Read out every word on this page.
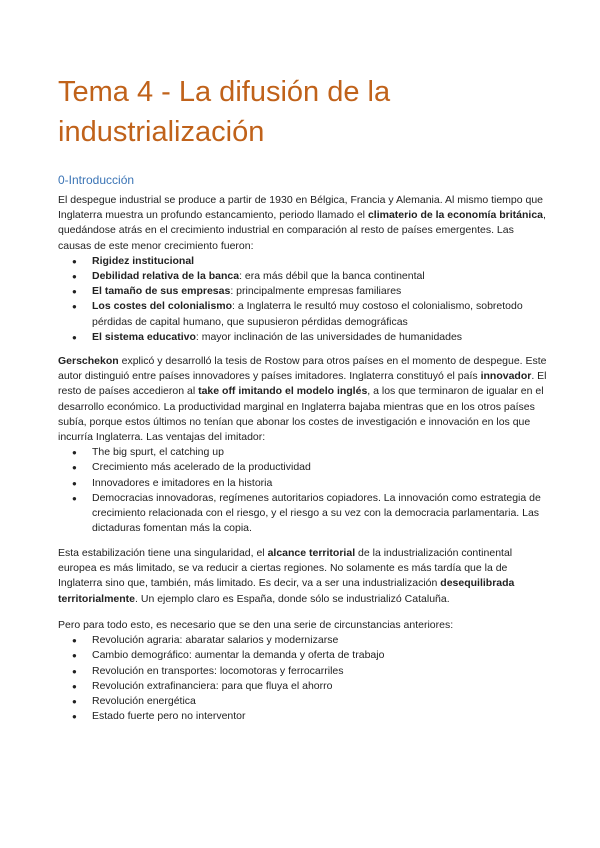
Tema 4 - La difusión de la industrialización
0-Introducción

El despegue industrial se produce a partir de 1930 en Bélgica, Francia y Alemania. Al mismo tiempo que Inglaterra muestra un profundo estancamiento, periodo llamado el climaterio de la economía británica, quedándose atrás en el crecimiento industrial en comparación al resto de países emergentes. Las causas de este menor crecimiento fueron:

● Rigidez institucional
● Debilidad relativa de la banca: era más débil que la banca continental
● El tamaño de sus empresas: principalmente empresas familiares
● Los costes del colonialismo: a Inglaterra le resultó muy costoso el colonialismo, sobretodo pérdidas de capital humano, que supusieron pérdidas demográficas
● El sistema educativo: mayor inclinación de las universidades de humanidades

Gerschekon explicó y desarrolló la tesis de Rostow para otros países en el momento de despegue. Este autor distinguió entre países innovadores y países imitadores. Inglaterra constituyó el país innovador. El resto de países accedieron al take off imitando el modelo inglés, a los que terminaron de igualar en el desarrollo económico. La productividad marginal en Inglaterra bajaba mientras que en los otros países subía, porque estos últimos no tenían que abonar los costes de investigación e innovación en los que incurría Inglaterra. Las ventajas del imitador:

● The big spurt, el catching up
● Crecimiento más acelerado de la productividad
● Innovadores e imitadores en la historia
● Democracias innovadoras, regímenes autoritarios copiadores. La innovación como estrategia de crecimiento relacionada con el riesgo, y el riesgo a su vez con la democracia parlamentaria. Las dictaduras fomentan más la copia.

Esta estabilización tiene una singularidad, el alcance territorial de la industrialización continental europea es más limitado, se va reducir a ciertas regiones. No solamente es más tardía que la de Inglaterra sino que, también, más limitado. Es decir, va a ser una industrialización desequilibrada territorialmente. Un ejemplo claro es España, donde sólo se industrializó Cataluña.

Pero para todo esto, es necesario que se den una serie de circunstancias anteriores:

● Revolución agraria: abaratar salarios y modernizarse
● Cambio demográfico: aumentar la demanda y oferta de trabajo
● Revolución en transportes: locomotoras y ferrocarriles
● Revolución extrafinanciera: para que fluya el ahorro
● Revolución energética
● Estado fuerte pero no interventor
